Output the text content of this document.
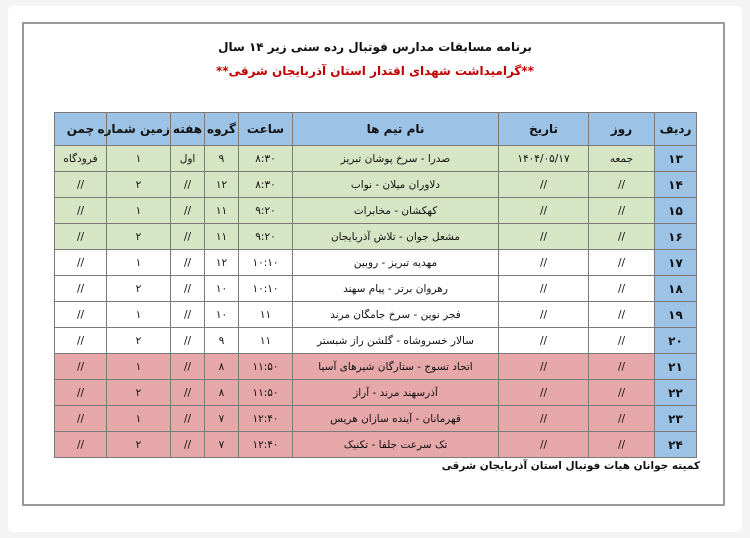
برنامه مسابقات مدارس فوتبال رده سنی زیر ۱۴ سال
**گرامیداشت شهدای اقتدار استان آذربایجان شرقی**
ردیف	روز	تاریخ	نام تیم ها	ساعت	گروه	هفته	زمین شماره	چمن
۱۳	جمعه	۱۴۰۴/۰۵/۱۷	صدرا - سرخ پوشان تبریز	۸:۳۰	۹	اول	۱	فرودگاه
۱۴	//	//	دلاوران میلان - نواب	۸:۳۰	۱۲	//	۲	//
۱۵	//	//	کهکشان - مخابرات	۹:۲۰	۱۱	//	۱	//
۱۶	//	//	مشعل جوان - تلاش آذربایجان	۹:۲۰	۱۱	//	۲	//
۱۷	//	//	مهدیه تبریز - روبین	۱۰:۱۰	۱۲	//	۱	//
۱۸	//	//	رهروان برتر - پیام سهند	۱۰:۱۰	۱۰	//	۲	//
۱۹	//	//	فجر نوین - سرخ جامگان مرند	۱۱	۱۰	//	۱	//
۲۰	//	//	سالار خسروشاه - گلشن راز شبستر	۱۱	۹	//	۲	//
۲۱	//	//	اتحاد تسوج - ستارگان شیرهای آسیا	۱۱:۵۰	۸	//	۱	//
۲۲	//	//	آذرسهند مرند - آراز	۱۱:۵۰	۸	//	۲	//
۲۳	//	//	قهرمانان - آینده سازان هریس	۱۲:۴۰	۷	//	۱	//
۲۴	//	//	تک سرعت جلفا - تکنیک	۱۲:۴۰	۷	//	۲	//
کمیته جوانان هیات فوتبال استان آذربایجان شرقی
